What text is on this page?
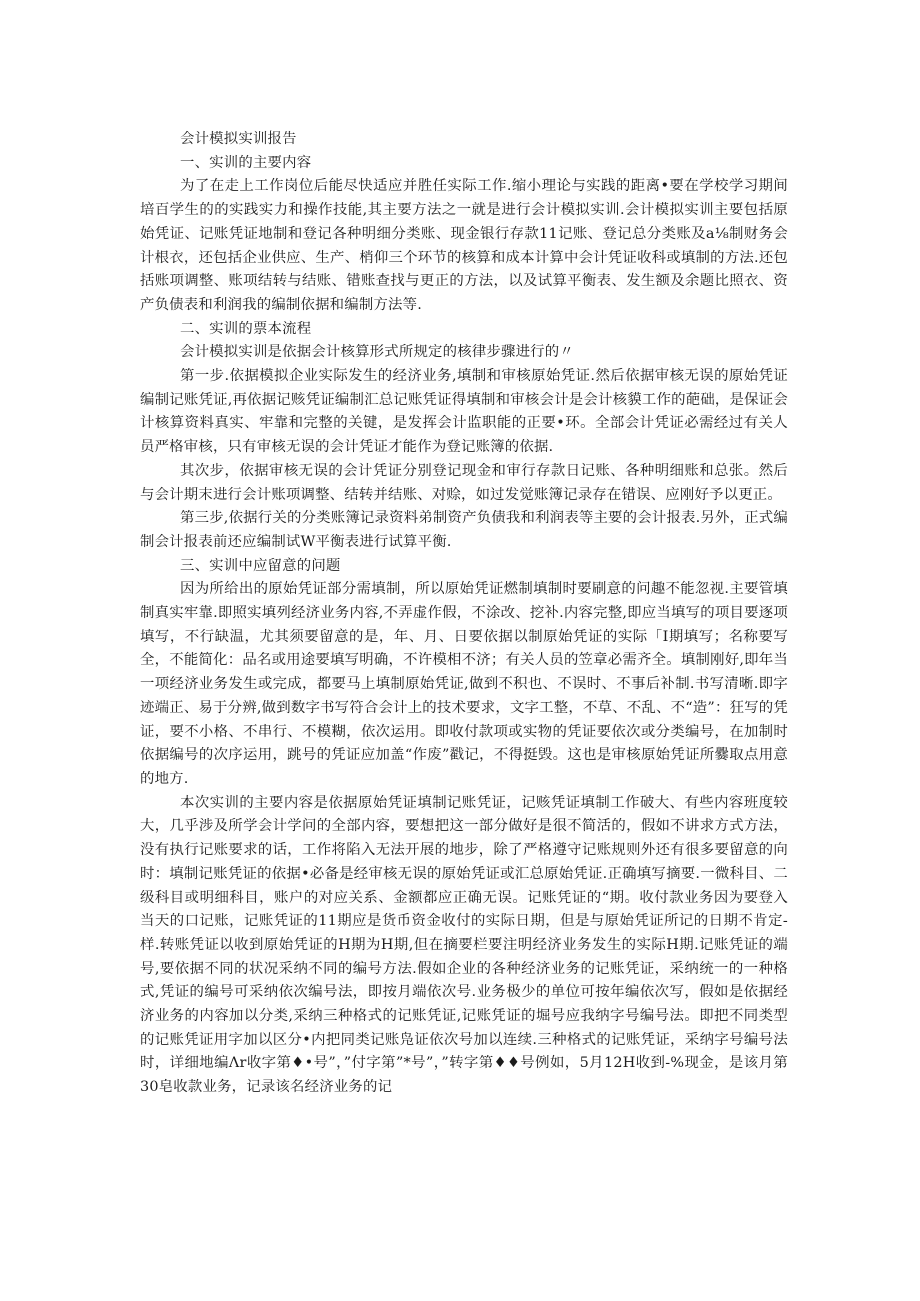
会计模拟实训报告

一、实训的主要内容

为了在走上工作岗位后能尽快适应并胜任实际工作.缩小理论与实践的距离•要在学校学习期间培百学生的的实践实力和操作技能,其主要方法之一就是进行会计模拟实训.会计模拟实训主要包括原始凭证、记账凭证地制和登记各种明细分类账、现金银行存款11记账、登记总分类账及a⅛制财务会计根衣，还包括企业供应、生产、梢仰三个环节的核算和成本计算中会计凭证收科或填制的方法.还包括账项调整、账项结转与结账、错账查找与更正的方法，以及试算平衡表、发生额及余题比照衣、资产负债表和利润我的编制依据和编制方法等.

二、实训的票本流程

会计模拟实训是依据会计核算形式所规定的核律步骤进行的〃

第一步.依据模拟企业实际发生的经济业务,填制和审核原始凭证.然后依据审核无误的原始凭证编制记账凭证,再依据记赅凭证编制汇总记账凭证得填制和审核会计是会计核貘工作的葩础，是保证会计核算资料真实、牢靠和完整的关键，是发挥会计监职能的正要•环。全部会计凭证必需经过有关人员严格审核，只有审核无误的会计凭证才能作为登记账簿的依据.

其次步，依据审核无误的会计凭证分别登记现金和审行存款日记账、各种明细账和总张。然后与会计期末进行会计账项调整、结转并结账、对赊，如过发觉账簿记录存在错误、应刚好予以更正。

第三步,依据行关的分类账簿记录资料弟制资产负债我和利润表等主要的会计报表.另外，正式编制会计报表前还应编制试W平衡表进行试算平衡.

三、实训中应留意的问题

因为所给出的原始凭证部分需填制，所以原始凭证燃制填制时要刷意的问趣不能忽视.主要管填制真实牢靠.即照实填列经济业务内容,不弄虚作假，不涂改、挖补.内容完整,即应当填写的项目要逐项填写，不行缺温，尤其须要留意的是，年、月、日要依据以制原始凭证的实际「I期填写；名称要写全，不能简化：品名或用途要填写明确，不许模相不济；有关人员的笠章必需齐全。填制刚好,即年当一项经济业务发生或完成，都要马上填制原始凭证,做到不积也、不误时、不事后补制.书写清晰.即字迹端正、易于分辨,做到数字书写符合会计上的技术要求，文字工整，不草、不乱、不“造”：狂写的凭证，要不小格、不串行、不模糊，依次运用。即收付款项或实物的凭证要依次或分类编号，在加制时依据编号的次序运用，跳号的凭证应加盖“作废”戳记，不得挺毁。这也是审核原始凭证所爨取点用意的地方.

本次实训的主要内容是依据原始凭证填制记账凭证，记赅凭证填制工作破大、有些内容班度较大，几乎涉及所学会计学问的全部内容，要想把这一部分做好是很不简活的，假如不讲求方式方法，没有执行记账要求的话，工作将陷入无法开展的地步，除了严格遵守记账规则外还有很多要留意的向时：填制记账凭证的依据•必备是经审核无误的原始凭证或汇总原始凭证.正确填写摘要.一微科目、二级科目或明细科目，账户的对应关系、金额都应正确无误。记账凭证的“期。收付款业务因为要登入当天的口记账，记账凭证的11期应是货币资金收付的实际日期，但是与原始凭证所记的日期不肯定-样.转账凭证以收到原始凭证的H期为H期,但在摘要栏要注明经济业务发生的实际H期.记账凭证的端号,要依据不同的状况采纳不同的编号方法.假如企业的各种经济业务的记账凭证，采纳统一的一种格式,凭证的编号可采纳依次编号法，即按月端依次号.业务极少的单位可按年编依次写，假如是依据经济业务的内容加以分类,采纳三种格式的记账凭证,记账凭证的堀号应我纳字号编号法。即把不同类型的记账凭证用字加以区分•内把同类记账凫证依次号加以连续.三种格式的记账凭证，采纳字号编号法时，详细地编Λr收字第♦•号”，”付字第”*号”，”转字第♦♦号例如，5月12H收到-%现金，是该月第30皂收款业务，记录该名经济业务的记
